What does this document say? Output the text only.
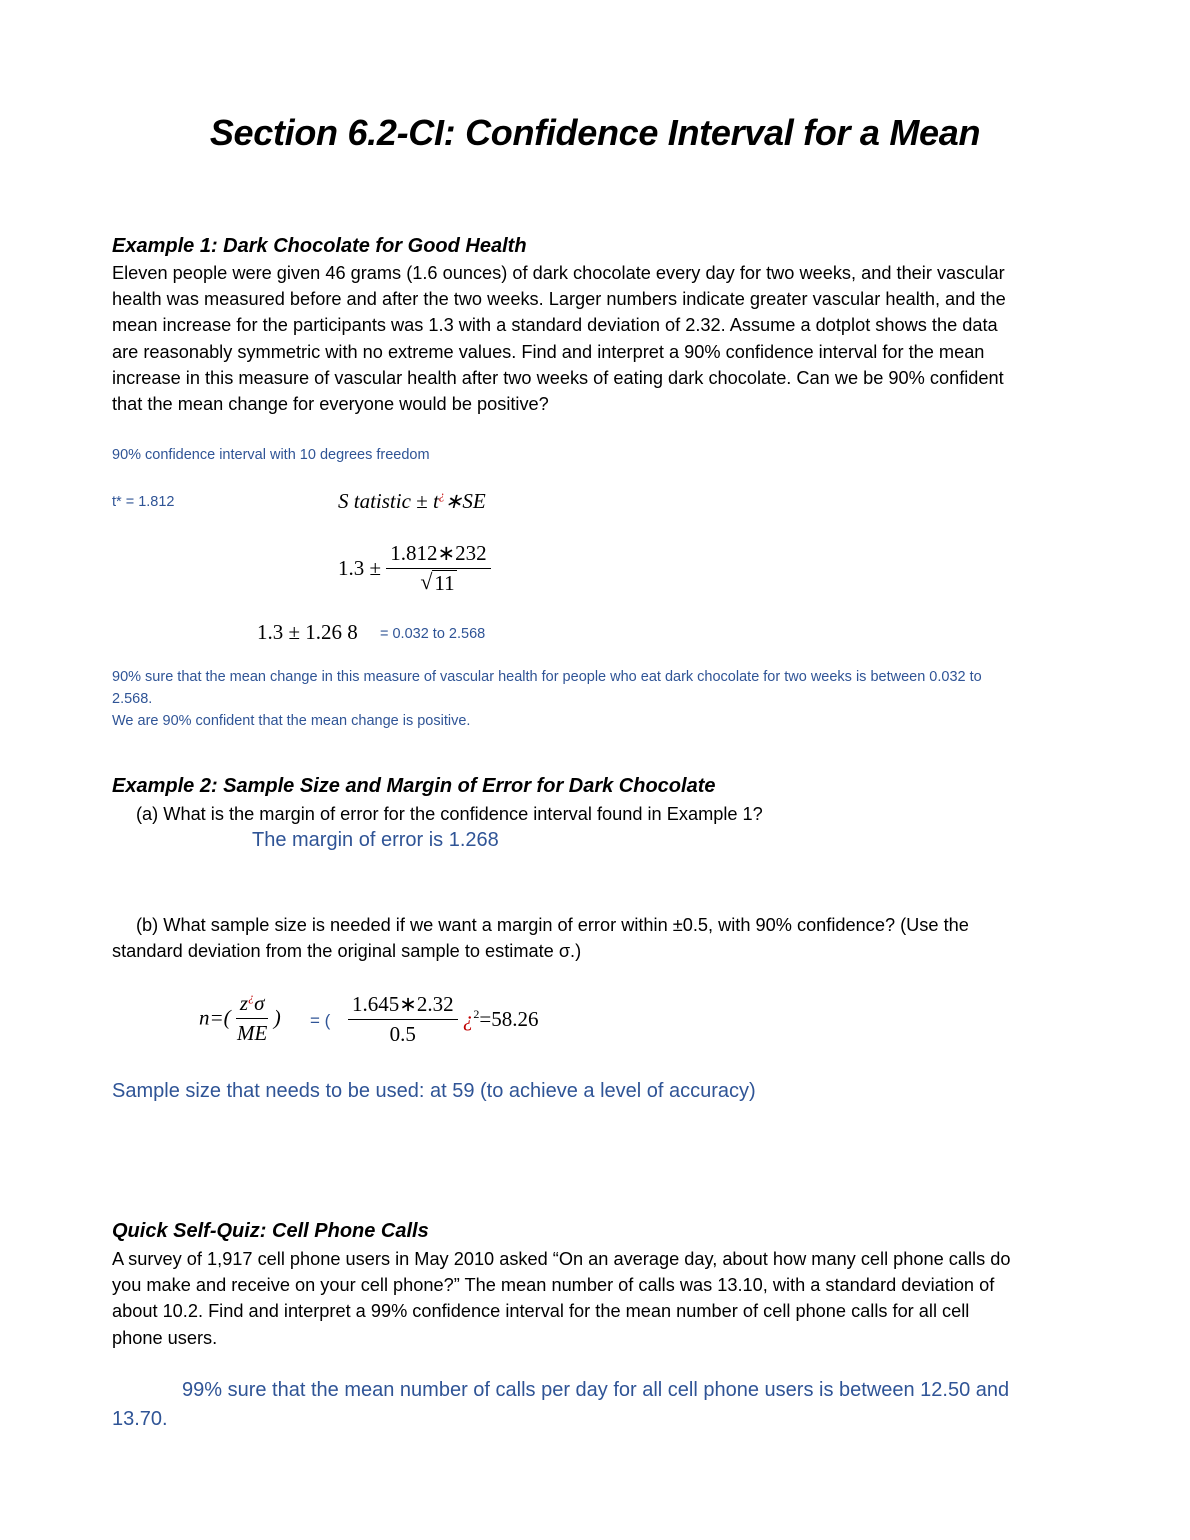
Section 6.2-CI: Confidence Interval for a Mean
Example 1: Dark Chocolate for Good Health

Eleven people were given 46 grams (1.6 ounces) of dark chocolate every day for two weeks, and their vascular

health was measured before and after the two weeks. Larger numbers indicate greater vascular health, and the

mean increase for the participants was 1.3 with a standard deviation of 2.32. Assume a dotplot shows the data

are reasonably symmetric with no extreme values. Find and interpret a 90% confidence interval for the mean

increase in this measure of vascular health after two weeks of eating dark chocolate. Can we be 90% confident

that the mean change for everyone would be positive?

90% confidence interval with 10 degrees freedom
t* = 1.812	S tatistic ± t¿∗SE
$1.3 \pm \frac{1.812∗232}{√ 11}$
1.3 ± 1.26 8 = 0.032 to 2.568
90% sure that the mean change in this measure of vascular health for people who eat dark chocolate for two weeks is between 0.032 to
2.568.
We are 90% confident that the mean change is positive.
Example 2: Sample Size and Margin of Error for Dark Chocolate
(a) What is the margin of error for the confidence interval found in Example 1?
The margin of error is 1.268
(b) What sample size is needed if we want a margin of error within ±0.5, with 90% confidence? (Use the
standard deviation from the original sample to estimate σ.)
$n=( \frac{z^¿\sigma}{ME}$ ) = ( $\frac{1.645∗2.32}{0.5}$ ¿$^2$=58.26
Sample size that needs to be used: at 59 (to achieve a level of accuracy)
Quick Self-Quiz: Cell Phone Calls

A survey of 1,917 cell phone users in May 2010 asked “On an average day, about how many cell phone calls do

you make and receive on your cell phone?” The mean number of calls was 13.10, with a standard deviation of

about 10.2. Find and interpret a 99% confidence interval for the mean number of cell phone calls for all cell

phone users.

99% sure that the mean number of calls per day for all cell phone users is between 12.50 and
13.70.
